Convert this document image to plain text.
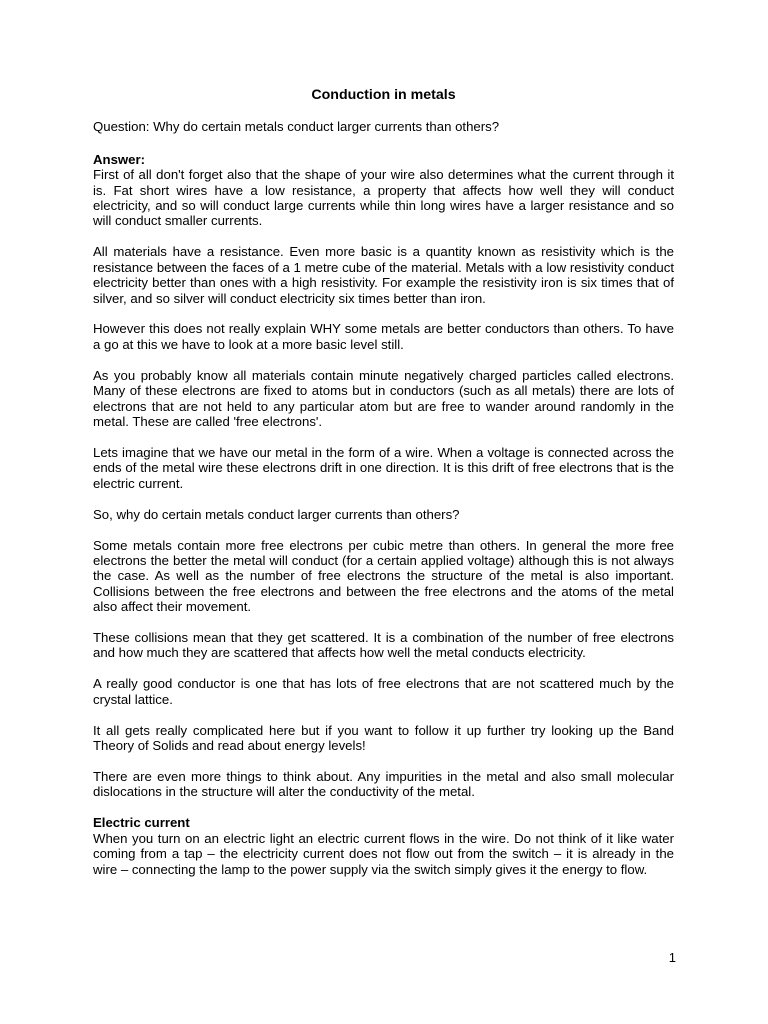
Conduction in metals
Question: Why do certain metals conduct larger currents than others?
Answer:
First of all don't forget also that the shape of your wire also determines what the current through it is. Fat short wires have a low resistance, a property that affects how well they will conduct electricity, and so will conduct large currents while thin long wires have a larger resistance and so will conduct smaller currents.
All materials have a resistance. Even more basic is a quantity known as resistivity which is the resistance between the faces of a 1 metre cube of the material. Metals with a low resistivity conduct electricity better than ones with a high resistivity. For example the resistivity iron is six times that of silver, and so silver will conduct electricity six times better than iron.
However this does not really explain WHY some metals are better conductors than others. To have a go at this we have to look at a more basic level still.
As you probably know all materials contain minute negatively charged particles called electrons. Many of these electrons are fixed to atoms but in conductors (such as all metals) there are lots of electrons that are not held to any particular atom but are free to wander around randomly in the metal. These are called 'free electrons'.
Lets imagine that we have our metal in the form of a wire. When a voltage is connected across the ends of the metal wire these electrons drift in one direction. It is this drift of free electrons that is the electric current.
So, why do certain metals conduct larger currents than others?
Some metals contain more free electrons per cubic metre than others. In general the more free electrons the better the metal will conduct (for a certain applied voltage) although this is not always the case. As well as the number of free electrons the structure of the metal is also important. Collisions between the free electrons and between the free electrons and the atoms of the metal also affect their movement.
These collisions mean that they get scattered. It is a combination of the number of free electrons and how much they are scattered that affects how well the metal conducts electricity.
A really good conductor is one that has lots of free electrons that are not scattered much by the crystal lattice.
It all gets really complicated here but if you want to follow it up further try looking up the Band Theory of Solids and read about energy levels!
There are even more things to think about. Any impurities in the metal and also small molecular dislocations in the structure will alter the conductivity of the metal.
Electric current
When you turn on an electric light an electric current flows in the wire. Do not think of it like water coming from a tap – the electricity current does not flow out from the switch – it is already in the wire – connecting the lamp to the power supply via the switch simply gives it the energy to flow.
1
